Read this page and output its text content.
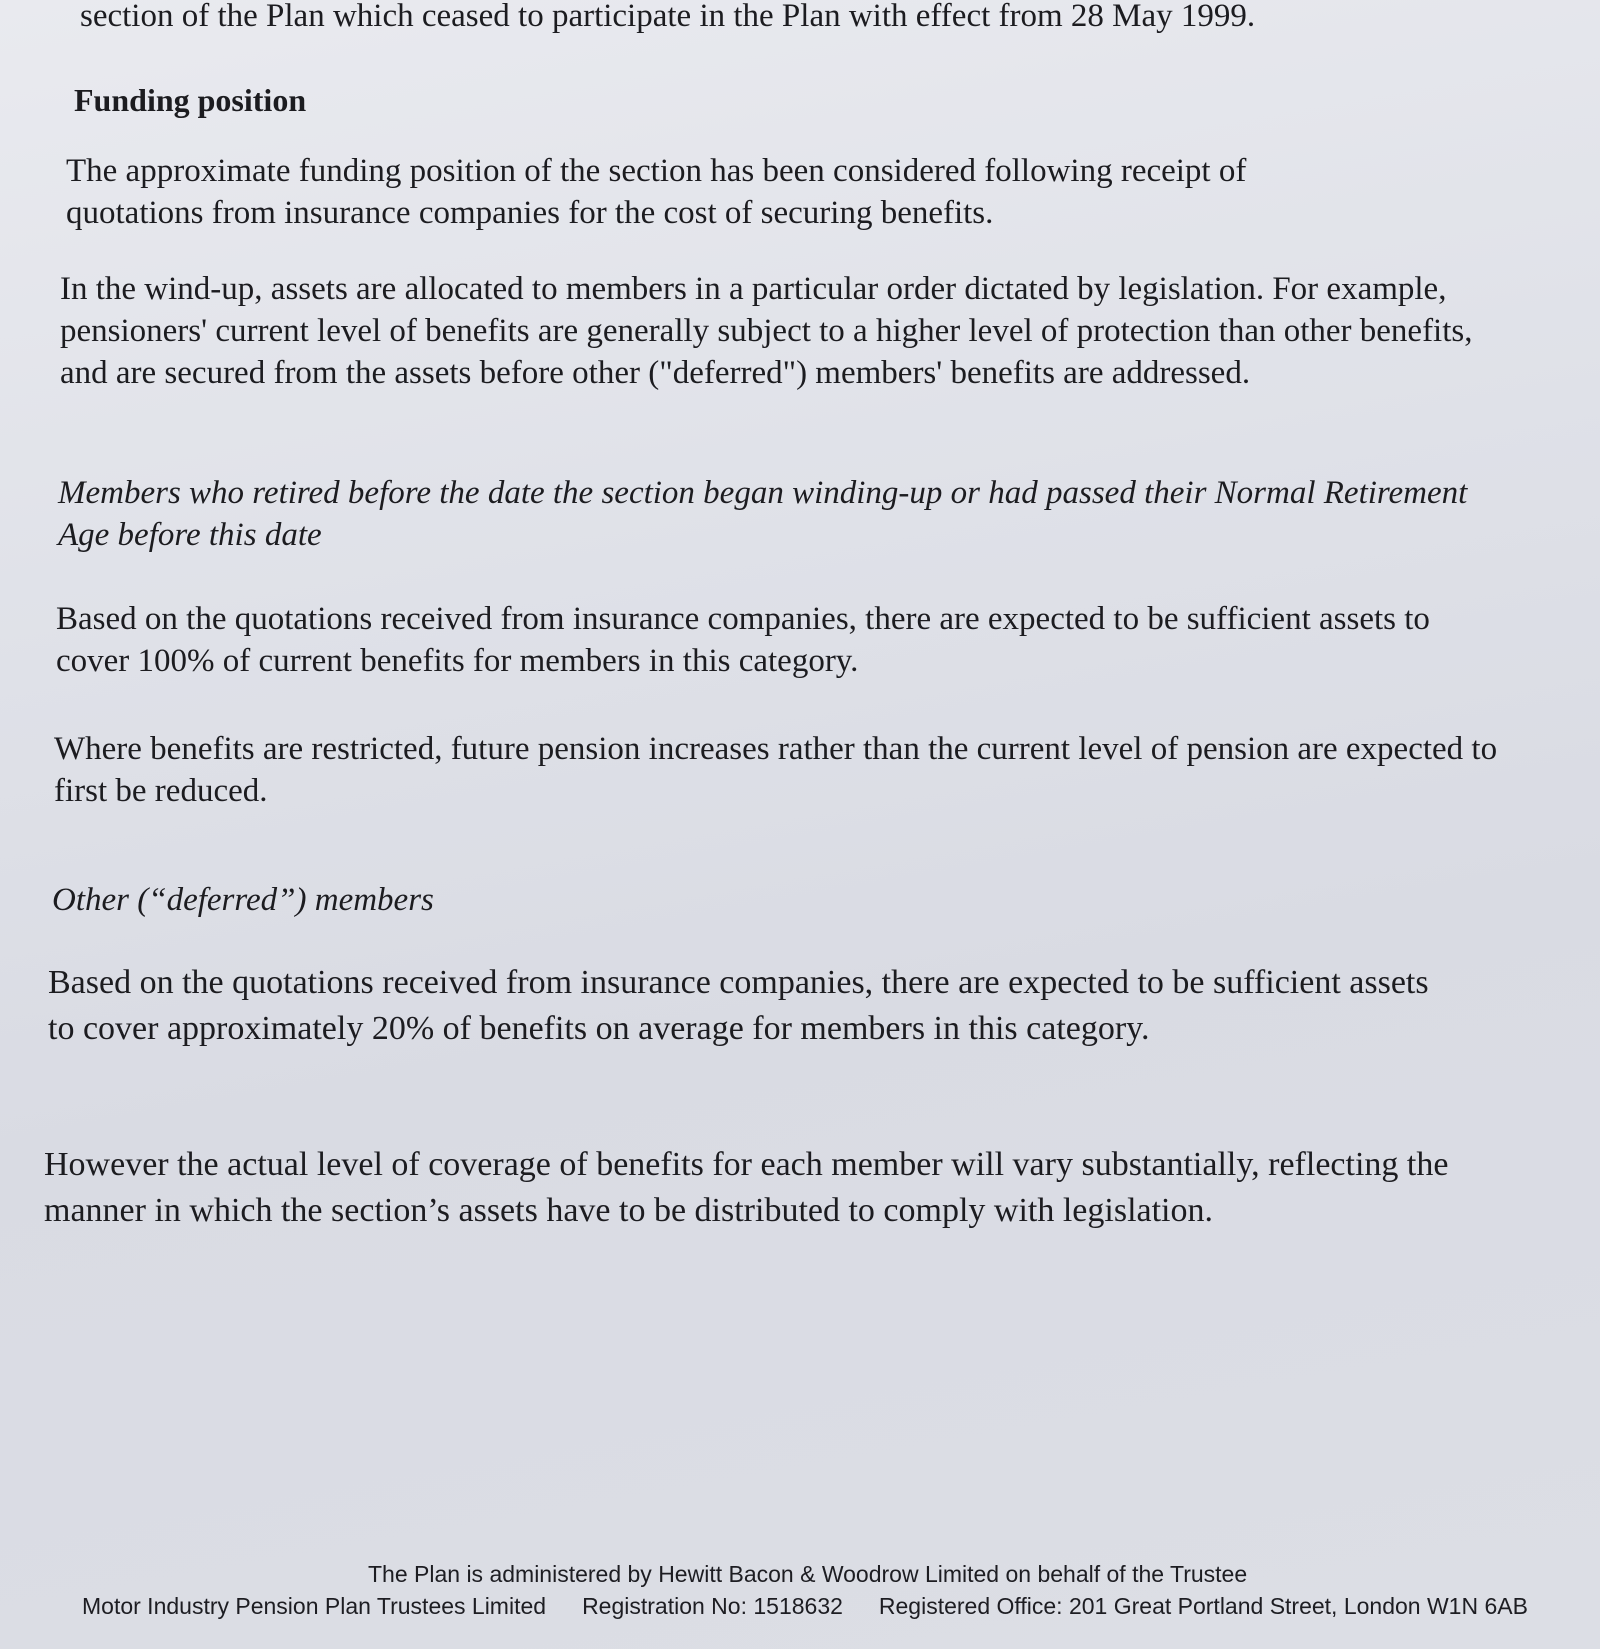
section of the Plan which ceased to participate in the Plan with effect from 28 May 1999.
Funding position
The approximate funding position of the section has been considered following receipt of quotations from insurance companies for the cost of securing benefits.
In the wind-up, assets are allocated to members in a particular order dictated by legislation. For example, pensioners' current level of benefits are generally subject to a higher level of protection than other benefits, and are secured from the assets before other ("deferred") members' benefits are addressed.
Members who retired before the date the section began winding-up or had passed their Normal Retirement Age before this date
Based on the quotations received from insurance companies, there are expected to be sufficient assets to cover 100% of current benefits for members in this category.
Where benefits are restricted, future pension increases rather than the current level of pension are expected to first be reduced.
Other (“deferred”) members
Based on the quotations received from insurance companies, there are expected to be sufficient assets to cover approximately 20% of benefits on average for members in this category.
However the actual level of coverage of benefits for each member will vary substantially, reflecting the manner in which the section’s assets have to be distributed to comply with legislation.
The Plan is administered by Hewitt Bacon & Woodrow Limited on behalf of the Trustee
Motor Industry Pension Plan Trustees Limited Registration No: 1518632 Registered Office: 201 Great Portland Street, London W1N 6AB
